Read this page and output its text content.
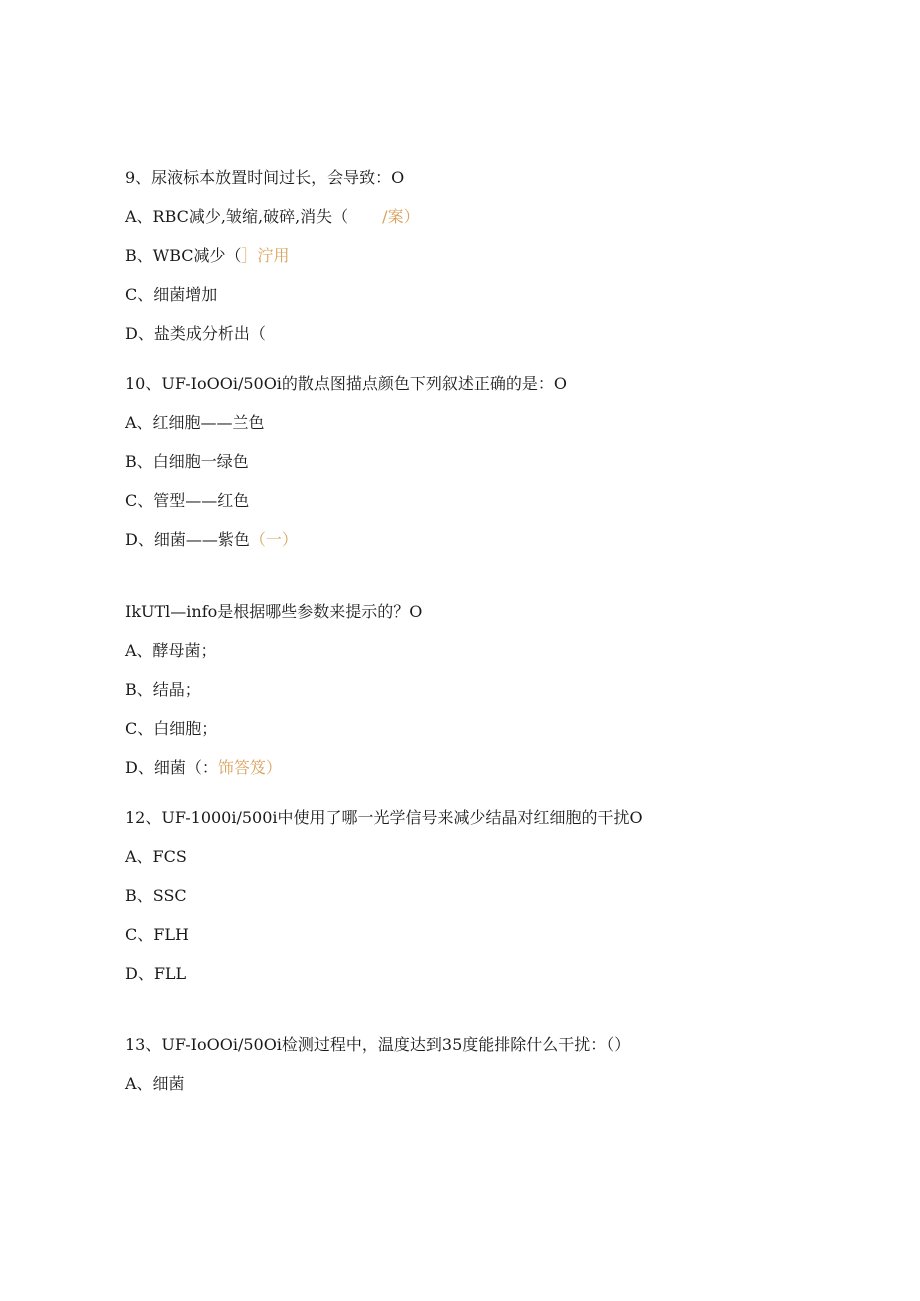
9、尿液标本放置时间过长，会导致：O
A、RBC减少,皱缩,破碎,消失（ /案）
B、WBC减少（］泞用
C、细菌增加
D、盐类成分析出（
10、UF-IoOOi/50Oi的散点图描点颜色下列叙述正确的是：O
A、红细胞——兰色
B、白细胞一绿色
C、管型——红色
D、细菌——紫色（一）
IkUTl—info是根据哪些参数来提示的？O
A、酵母菌；
B、结晶；
C、白细胞；
D、细菌（：饰答笈）
12、UF-1000i/500i中使用了哪一光学信号来减少结晶对红细胞的干扰O
A、FCS
B、SSC
C、FLH
D、FLL
13、UF-IoOOi/50Oi检测过程中，温度达到35度能排除什么干扰：（）
A、细菌
